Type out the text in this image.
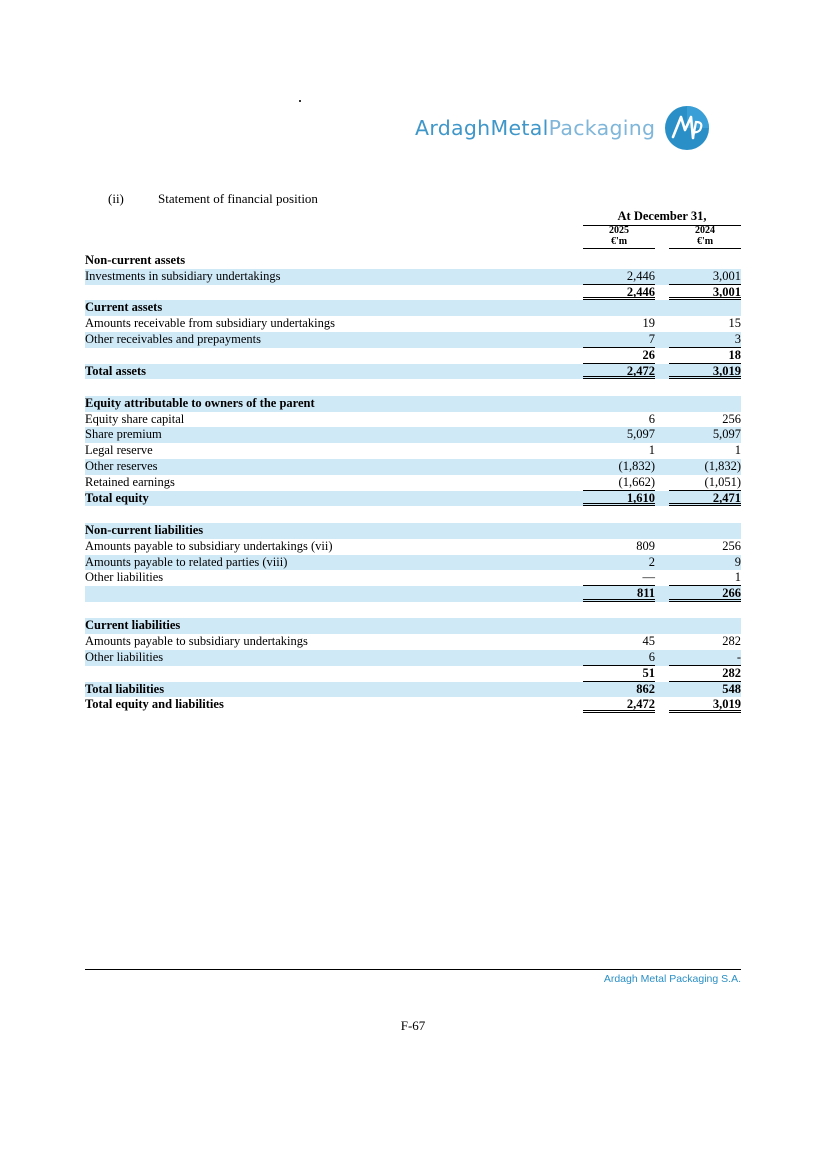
ArdaghMetalPackaging
(ii)	Statement of financial position
At December 31,
2025
€'m
2024
€'m
Non-current assets
Investments in subsidiary undertakings	2,446	3,001
2,446	3,001
Current assets
Amounts receivable from subsidiary undertakings	19	15
Other receivables and prepayments	7	3
26	18
Total assets	2,472	3,019
Equity attributable to owners of the parent
Equity share capital	6	256
Share premium	5,097	5,097
Legal reserve	1	1
Other reserves	(1,832)	(1,832)
Retained earnings	(1,662)	(1,051)
Total equity	1,610	2,471
Non-current liabilities
Amounts payable to subsidiary undertakings (vii)	809	256
Amounts payable to related parties (viii)	2	9
Other liabilities	—	1
811	266
Current liabilities
Amounts payable to subsidiary undertakings	45	282
Other liabilities	6	-
51	282
Total liabilities	862	548
Total equity and liabilities	2,472	3,019
Ardagh Metal Packaging S.A.
F-67
